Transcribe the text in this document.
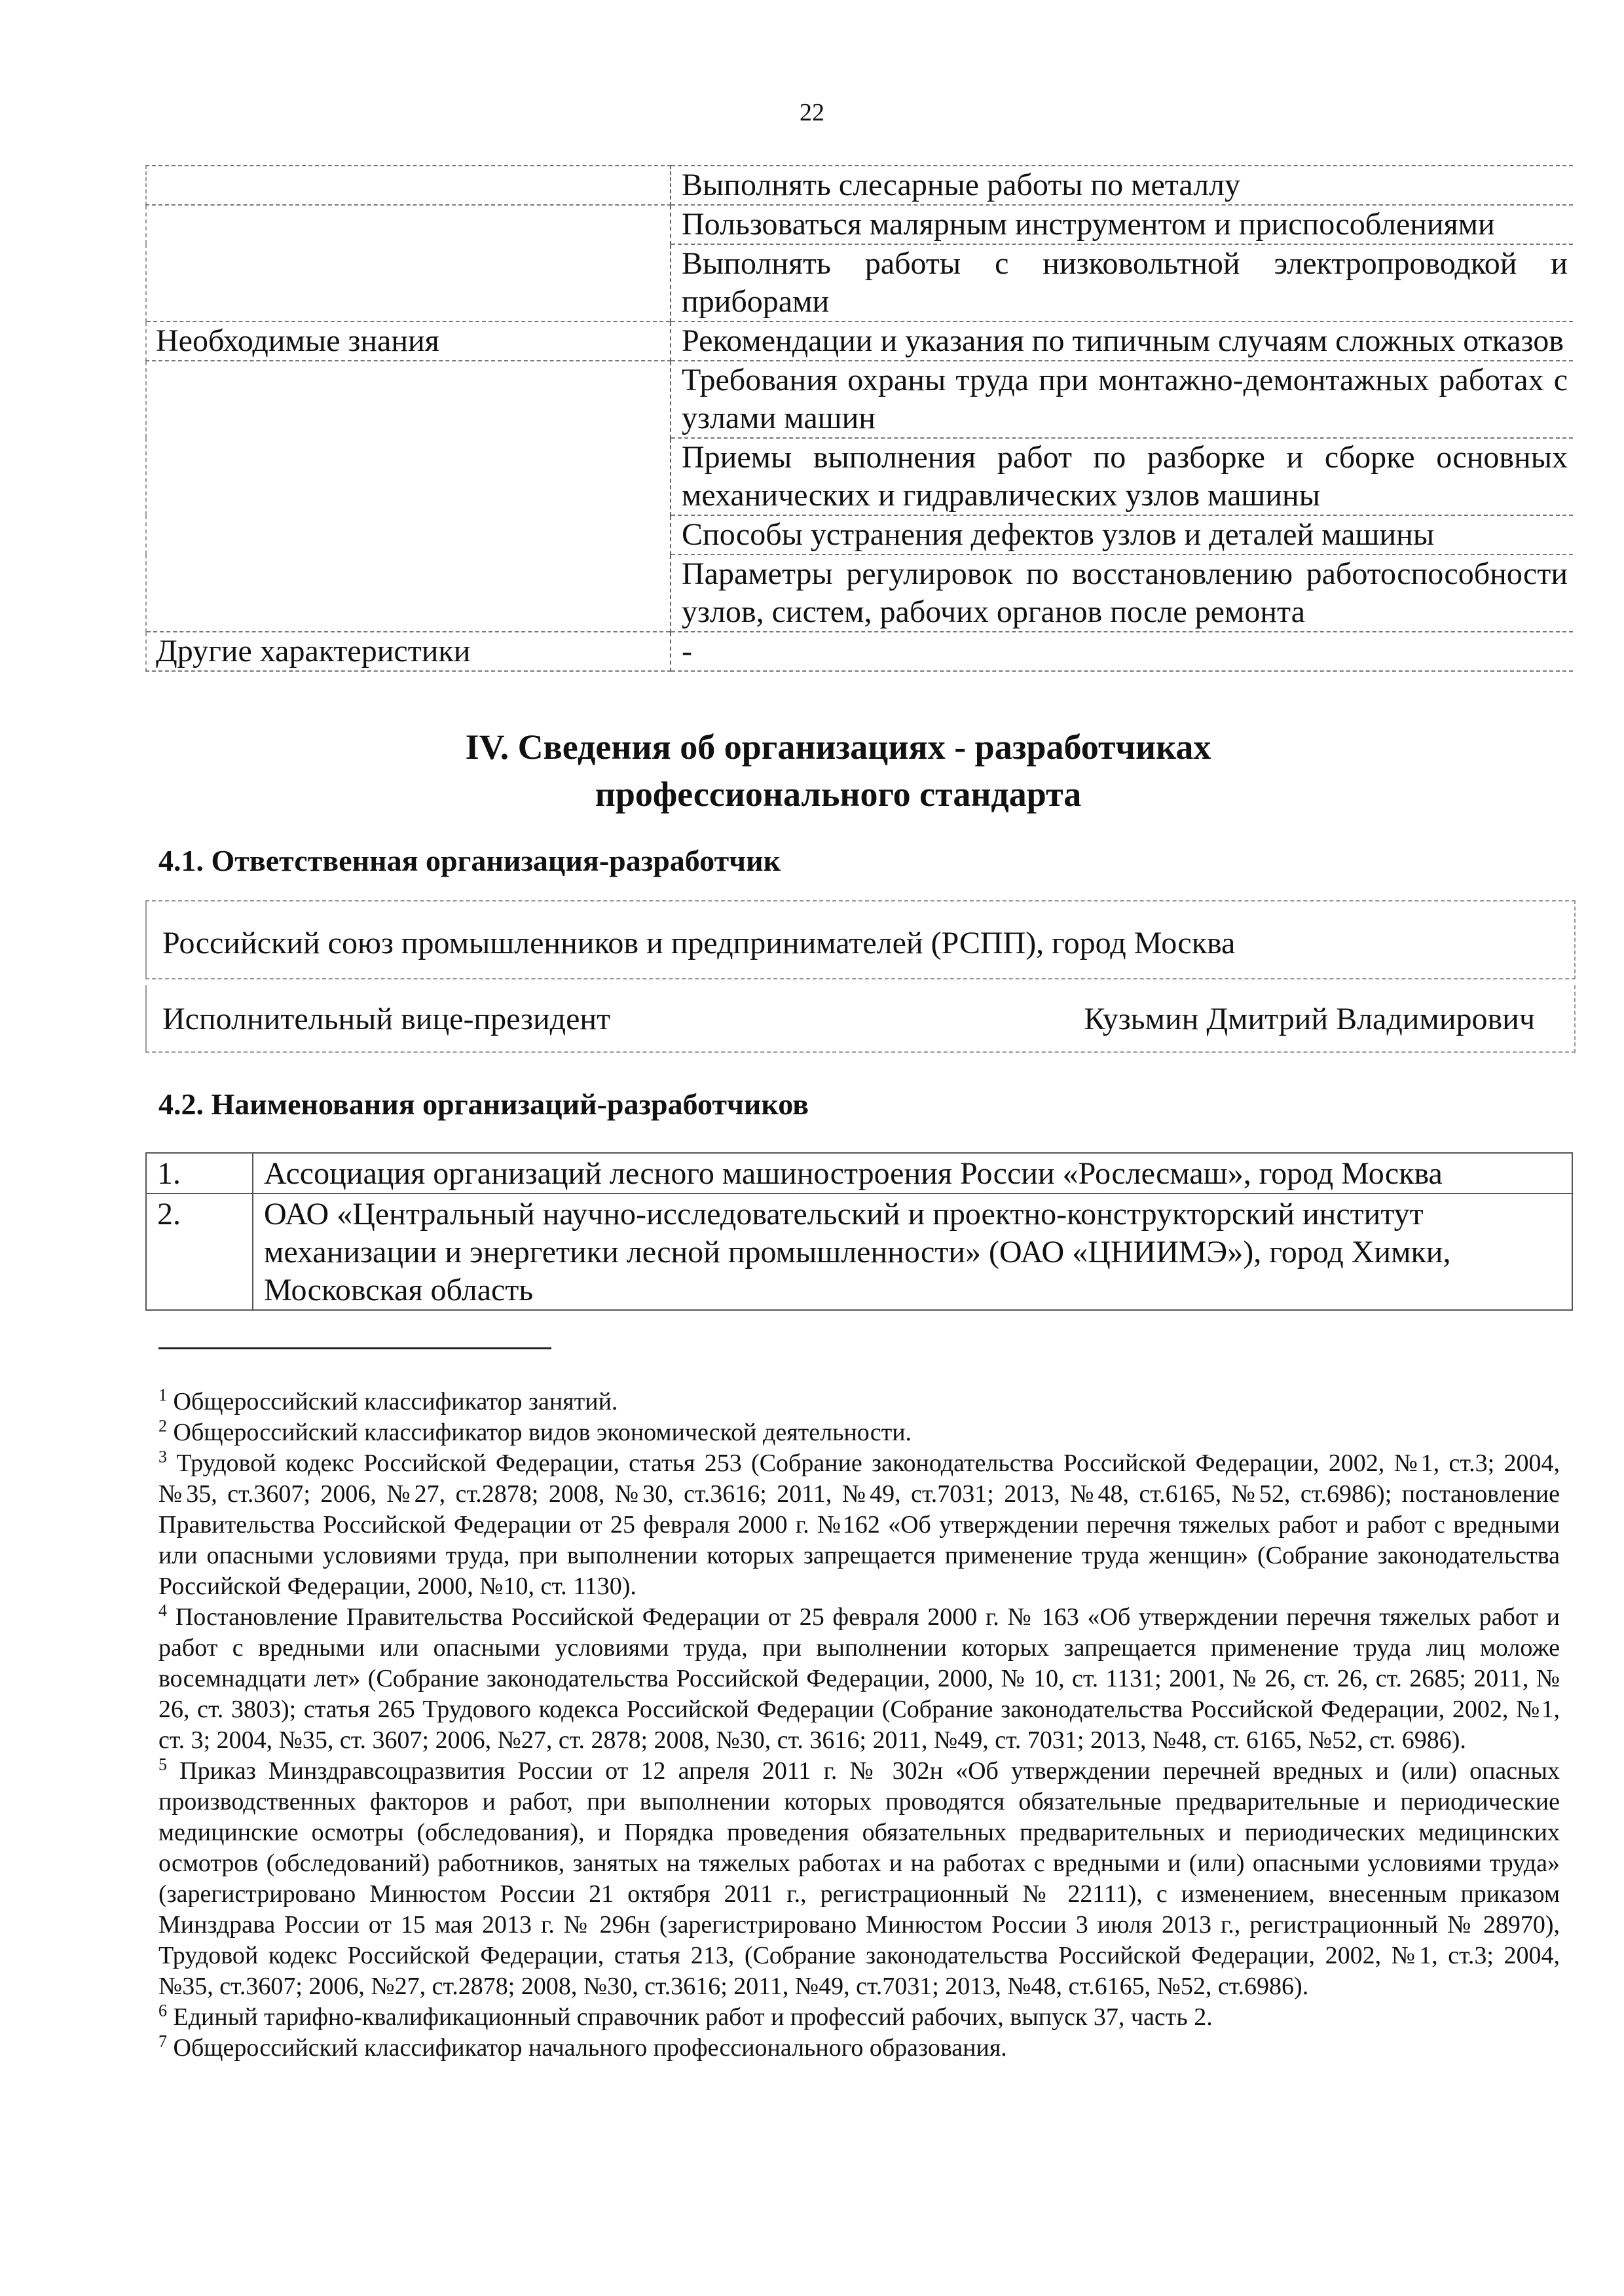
22
	Выполнять слесарные работы по металлу
	Пользоваться малярным инструментом и приспособлениями
	Выполнять работы с низковольтной электропроводкой и приборами
Необходимые знания	Рекомендации и указания по типичным случаям сложных отказов
	Требования охраны труда при монтажно-демонтажных работах с узлами машин
	Приемы выполнения работ по разборке и сборке основных механических и гидравлических узлов машины
	Способы устранения дефектов узлов и деталей машины
	Параметры регулировок по восстановлению работоспособности узлов, систем, рабочих органов после ремонта
Другие характеристики	-
IV. Сведения об организациях - разработчиках
профессионального стандарта
4.1. Ответственная организация-разработчик
Российский союз промышленников и предпринимателей (РСПП), город Москва
Исполнительный вице-президент	Кузьмин Дмитрий Владимирович
4.2. Наименования организаций-разработчиков
1.	Ассоциация организаций лесного машиностроения России «Рослесмаш», город Москва
2.	ОАО «Центральный научно-исследовательский и проектно-конструкторский институт механизации и энергетики лесной промышленности» (ОАО «ЦНИИМЭ»), город Химки, Московская область

$^1$ Общероссийский классификатор занятий.

$^2$ Общероссийский классификатор видов экономической деятельности.

$^3$ Трудовой кодекс Российской Федерации, статья 253 (Собрание законодательства Российской Федерации, 2002, №1, ст.3; 2004, №35, ст.3607; 2006, №27, ст.2878; 2008, №30, ст.3616; 2011, №49, ст.7031; 2013, №48, ст.6165, №52, ст.6986); постановление Правительства Российской Федерации от 25 февраля 2000 г. №162 «Об утверждении перечня тяжелых работ и работ с вредными или опасными условиями труда, при выполнении которых запрещается применение труда женщин» (Собрание законодательства Российской Федерации, 2000, №10, ст. 1130).

$^4$ Постановление Правительства Российской Федерации от 25 февраля 2000 г. № 163 «Об утверждении перечня тяжелых работ и работ с вредными или опасными условиями труда, при выполнении которых запрещается применение труда лиц моложе восемнадцати лет» (Собрание законодательства Российской Федерации, 2000, № 10, ст. 1131; 2001, № 26, ст. 26, ст. 2685; 2011, № 26, ст. 3803); статья 265 Трудового кодекса Российской Федерации (Собрание законодательства Российской Федерации, 2002, №1, ст. 3; 2004, №35, ст. 3607; 2006, №27, ст. 2878; 2008, №30, ст. 3616; 2011, №49, ст. 7031; 2013, №48, ст. 6165, №52, ст. 6986).

$^5$ Приказ Минздравсоцразвития России от 12 апреля 2011 г. № 302н «Об утверждении перечней вредных и (или) опасных производственных факторов и работ, при выполнении которых проводятся обязательные предварительные и периодические медицинские осмотры (обследования), и Порядка проведения обязательных предварительных и периодических медицинских осмотров (обследований) работников, занятых на тяжелых работах и на работах с вредными и (или) опасными условиями труда» (зарегистрировано Минюстом России 21 октября 2011 г., регистрационный № 22111), с изменением, внесенным приказом Минздрава России от 15 мая 2013 г. № 296н (зарегистрировано Минюстом России 3 июля 2013 г., регистрационный № 28970), Трудовой кодекс Российской Федерации, статья 213, (Собрание законодательства Российской Федерации, 2002, №1, ст.3; 2004, №35, ст.3607; 2006, №27, ст.2878; 2008, №30, ст.3616; 2011, №49, ст.7031; 2013, №48, ст.6165, №52, ст.6986).

$^6$ Единый тарифно-квалификационный справочник работ и профессий рабочих, выпуск 37, часть 2.

$^7$ Общероссийский классификатор начального профессионального образования.
